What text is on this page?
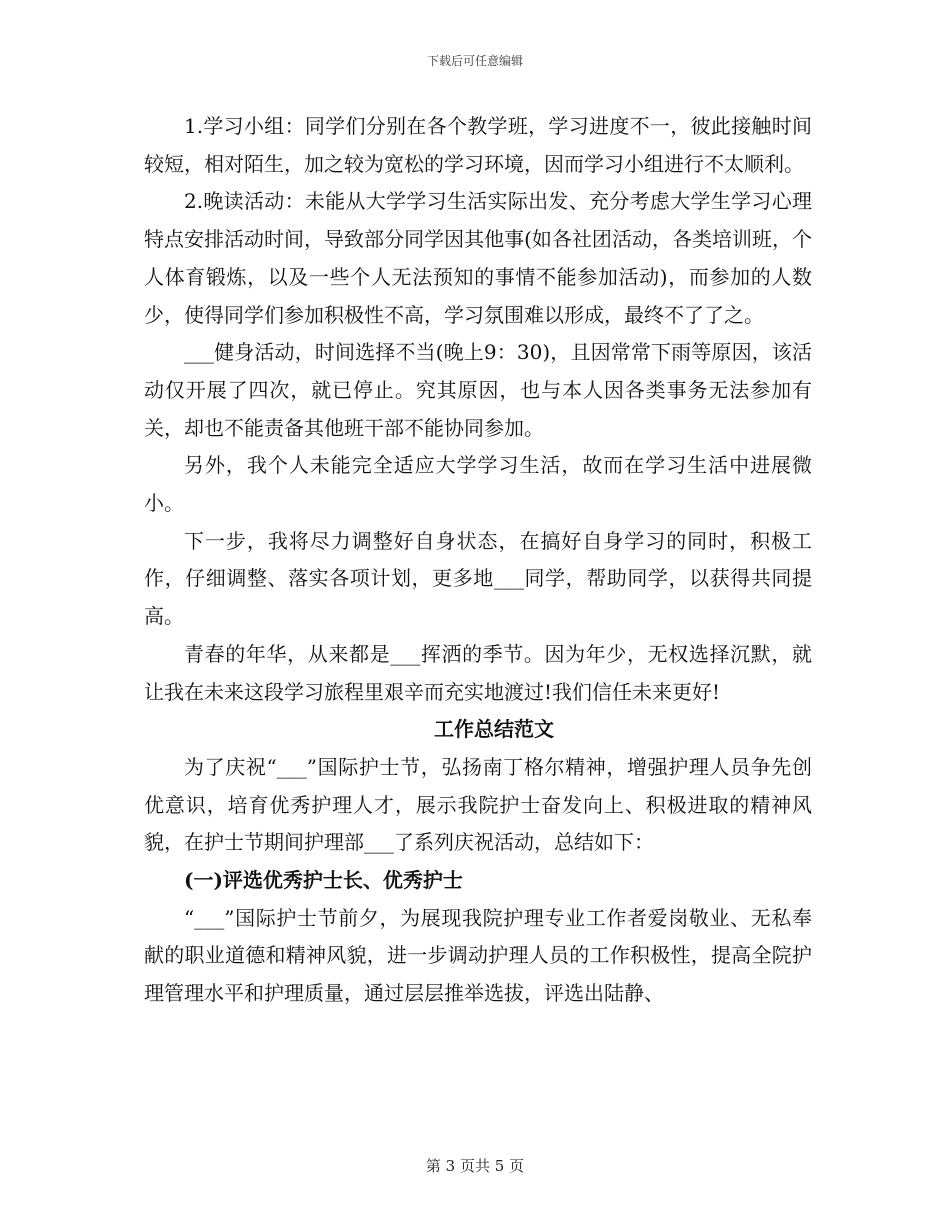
下载后可任意编辑

1.学习小组：同学们分别在各个教学班，学习进度不一，彼此接触时间较短，相对陌生，加之较为宽松的学习环境，因而学习小组进行不太顺利。

2.晚读活动：未能从大学学习生活实际出发、充分考虑大学生学习心理特点安排活动时间，导致部分同学因其他事(如各社团活动，各类培训班，个人体育锻炼，以及一些个人无法预知的事情不能参加活动)，而参加的人数少，使得同学们参加积极性不高，学习氛围难以形成，最终不了了之。

___健身活动，时间选择不当(晚上9：30)，且因常常下雨等原因，该活动仅开展了四次，就已停止。究其原因，也与本人因各类事务无法参加有关，却也不能责备其他班干部不能协同参加。

另外，我个人未能完全适应大学学习生活，故而在学习生活中进展微小。

下一步，我将尽力调整好自身状态，在搞好自身学习的同时，积极工作，仔细调整、落实各项计划，更多地___同学，帮助同学，以获得共同提高。

青春的年华，从来都是___挥洒的季节。因为年少，无权选择沉默，就让我在未来这段学习旅程里艰辛而充实地渡过!我们信任未来更好!

工作总结范文

为了庆祝“___”国际护士节，弘扬南丁格尔精神，增强护理人员争先创优意识，培育优秀护理人才，展示我院护士奋发向上、积极进取的精神风貌，在护士节期间护理部___了系列庆祝活动，总结如下：

(一)评选优秀护士长、优秀护士

“___”国际护士节前夕，为展现我院护理专业工作者爱岗敬业、无私奉献的职业道德和精神风貌，进一步调动护理人员的工作积极性，提高全院护理管理水平和护理质量，通过层层推举选拔，评选出陆静、

第 3 页共 5 页
